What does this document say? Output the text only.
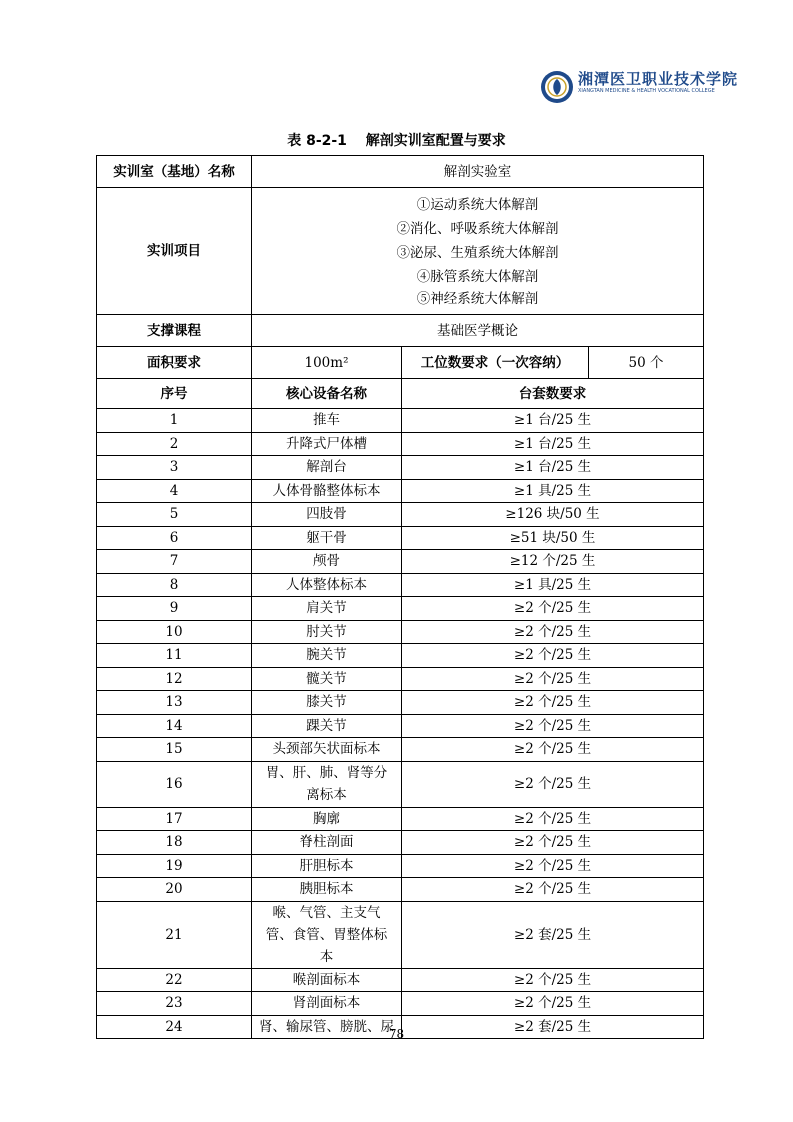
湘潭医卫职业技术学院
XIANGTAN MEDICINE & HEALTH VOCATIONAL COLLEGE
表 8-2-1　 解剖实训室配置与要求
实训室（基地）名称	解剖实验室		
实训项目	①运动系统大体解剖
②消化、呼吸系统大体解剖
③泌尿、生殖系统大体解剖
④脉管系统大体解剖
⑤神经系统大体解剖		

支撑课程	基础医学概论		
面积要求	100m²	工位数要求（一次容纳）	50 个
序号	核心设备名称	台套数要求	
1	推车	≥1 台/25 生	
2	升降式尸体槽	≥1 台/25 生	
3	解剖台	≥1 台/25 生	
4	人体骨骼整体标本	≥1 具/25 生	
5	四肢骨	≥126 块/50 生	
6	躯干骨	≥51 块/50 生	
7	颅骨	≥12 个/25 生	
8	人体整体标本	≥1 具/25 生	
9	肩关节	≥2 个/25 生	
10	肘关节	≥2 个/25 生	
11	腕关节	≥2 个/25 生	
12	髋关节	≥2 个/25 生	
13	膝关节	≥2 个/25 生	
14	踝关节	≥2 个/25 生	
15	头颈部矢状面标本	≥2 个/25 生	
16	胃、肝、肺、肾等分离标本	≥2 个/25 生	
17	胸廓	≥2 个/25 生	
18	脊柱剖面	≥2 个/25 生	
19	肝胆标本	≥2 个/25 生	
20	胰胆标本	≥2 个/25 生	
21	喉、气管、主支气管、食管、胃整体标本	≥2 套/25 生	
22	喉剖面标本	≥2 个/25 生	
23	肾剖面标本	≥2 个/25 生	
24	肾、输尿管、膀胱、尿	≥2 套/25 生	
78
